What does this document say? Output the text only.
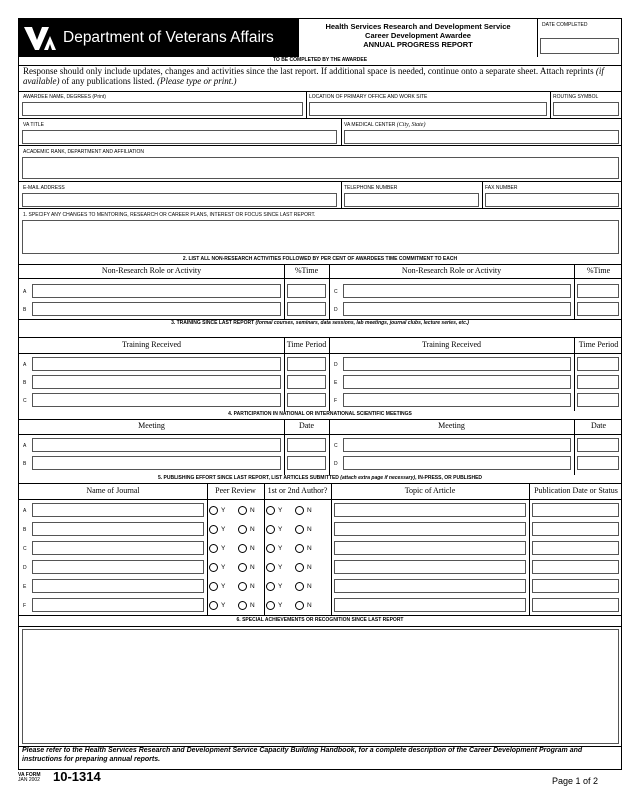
Department of Veterans Affairs
Health Services Research and Development Service
Career Development Awardee
ANNUAL PROGRESS REPORT
DATE COMPLETED
TO BE COMPLETED BY THE AWARDEE
Response should only include updates, changes and activities since the last report. If additional space is needed, continue onto a separate sheet. Attach reprints (if available) of any publications listed. (Please type or print.)
AWARDEE NAME, DEGREES (Print)	LOCATION OF PRIMARY OFFICE AND WORK SITE	ROUTING SYMBOL
VA TITLE	VA MEDICAL CENTER (City, State)
ACADEMIC RANK, DEPARTMENT AND AFFILIATION
E-MAIL ADDRESS	TELEPHONE NUMBER	FAX NUMBER
1. SPECIFY ANY CHANGES TO MENTORING, RESEARCH OR CAREER PLANS, INTEREST OR FOCUS SINCE LAST REPORT.
2. LIST ALL NON-RESEARCH ACTIVITIES FOLLOWED BY PER CENT OF AWARDEES TIME COMMITMENT TO EACH
Non-Research Role or Activity	%Time	Non-Research Role or Activity	%Time
A
B
C
D
3. TRAINING SINCE LAST REPORT (formal courses, seminars, data sessions, lab meetings, journal clubs, lecture series, etc.)
Training Received	Time Period	Training Received	Time Period
A
B
C
D
E
F
4. PARTICIPATION IN NATIONAL OR INTERNATIONAL SCIENTIFIC MEETINGS
Meeting	Date	Meeting	Date
A
B
C
D
5. PUBLISHING EFFORT SINCE LAST REPORT, LIST ARTICLES SUBMITTED (attach extra page if necessary), IN-PRESS, OR PUBLISHED
Name of Journal	Peer Review	1st or 2nd Author?	Topic of Article	Publication Date or Status
A	Y	N	Y	N
B	Y	N	Y	N
C	Y	N	Y	N
D	Y	N	Y	N
E	Y	N	Y	N
F	Y	N	Y	N
6. SPECIAL ACHIEVEMENTS OR RECOGNITION SINCE LAST REPORT
Please refer to the Health Services Research and Development Service Capacity Building Handbook, for a complete description of the Career Development Program and instructions for preparing annual reports.
VA FORM
JAN 2002 10-1314	Page 1 of 2
